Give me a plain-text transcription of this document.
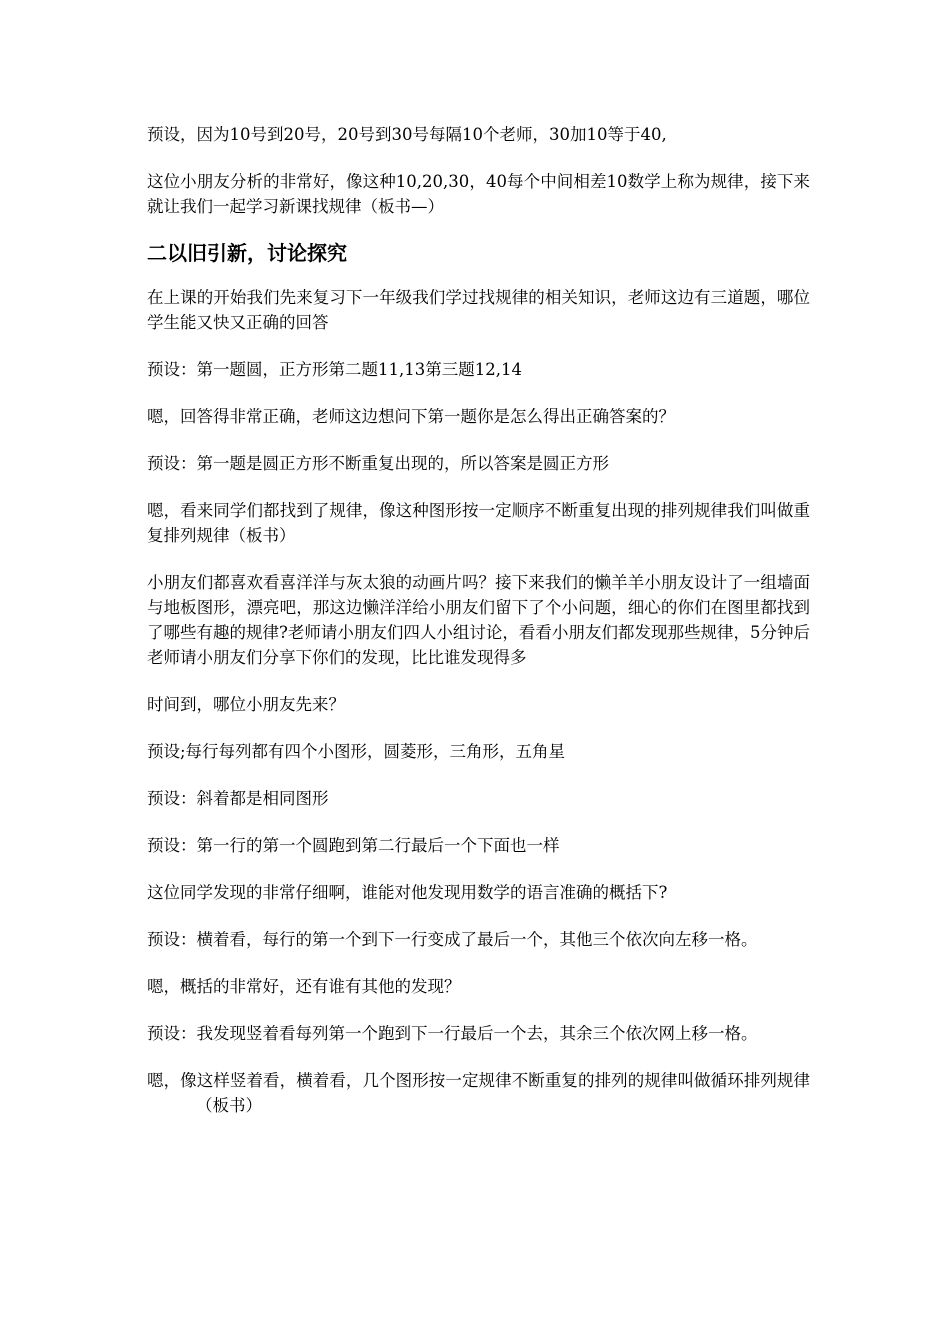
预设，因为10号到20号，20号到30号每隔10个老师，30加10等于40,

这位小朋友分析的非常好，像这种10,20,30，40每个中间相差10数学上称为规律，接下来就让我们一起学习新课找规律（板书—）

二以旧引新，讨论探究

在上课的开始我们先来复习下一年级我们学过找规律的相关知识，老师这边有三道题，哪位学生能又快又正确的回答

预设：第一题圆，正方形第二题11,13第三题12,14

嗯，回答得非常正确，老师这边想问下第一题你是怎么得出正确答案的？

预设：第一题是圆正方形不断重复出现的，所以答案是圆正方形

嗯，看来同学们都找到了规律，像这种图形按一定顺序不断重复出现的排列规律我们叫做重复排列规律（板书）

小朋友们都喜欢看喜洋洋与灰太狼的动画片吗？接下来我们的懒羊羊小朋友设计了一组墙面与地板图形，漂亮吧，那这边懒洋洋给小朋友们留下了个小问题，细心的你们在图里都找到了哪些有趣的规律?老师请小朋友们四人小组讨论，看看小朋友们都发现那些规律，5分钟后老师请小朋友们分享下你们的发现，比比谁发现得多

时间到，哪位小朋友先来？

预设;每行每列都有四个小图形，圆菱形，三角形，五角星

预设：斜着都是相同图形

预设：第一行的第一个圆跑到第二行最后一个下面也一样

这位同学发现的非常仔细啊，谁能对他发现用数学的语言准确的概括下?

预设：横着看，每行的第一个到下一行变成了最后一个，其他三个依次向左移一格。

嗯，概括的非常好，还有谁有其他的发现？

预设：我发现竖着看每列第一个跑到下一行最后一个去，其余三个依次网上移一格。

嗯，像这样竖着看，横着看，几个图形按一定规律不断重复的排列的规律叫做循环排列规律（板书）
